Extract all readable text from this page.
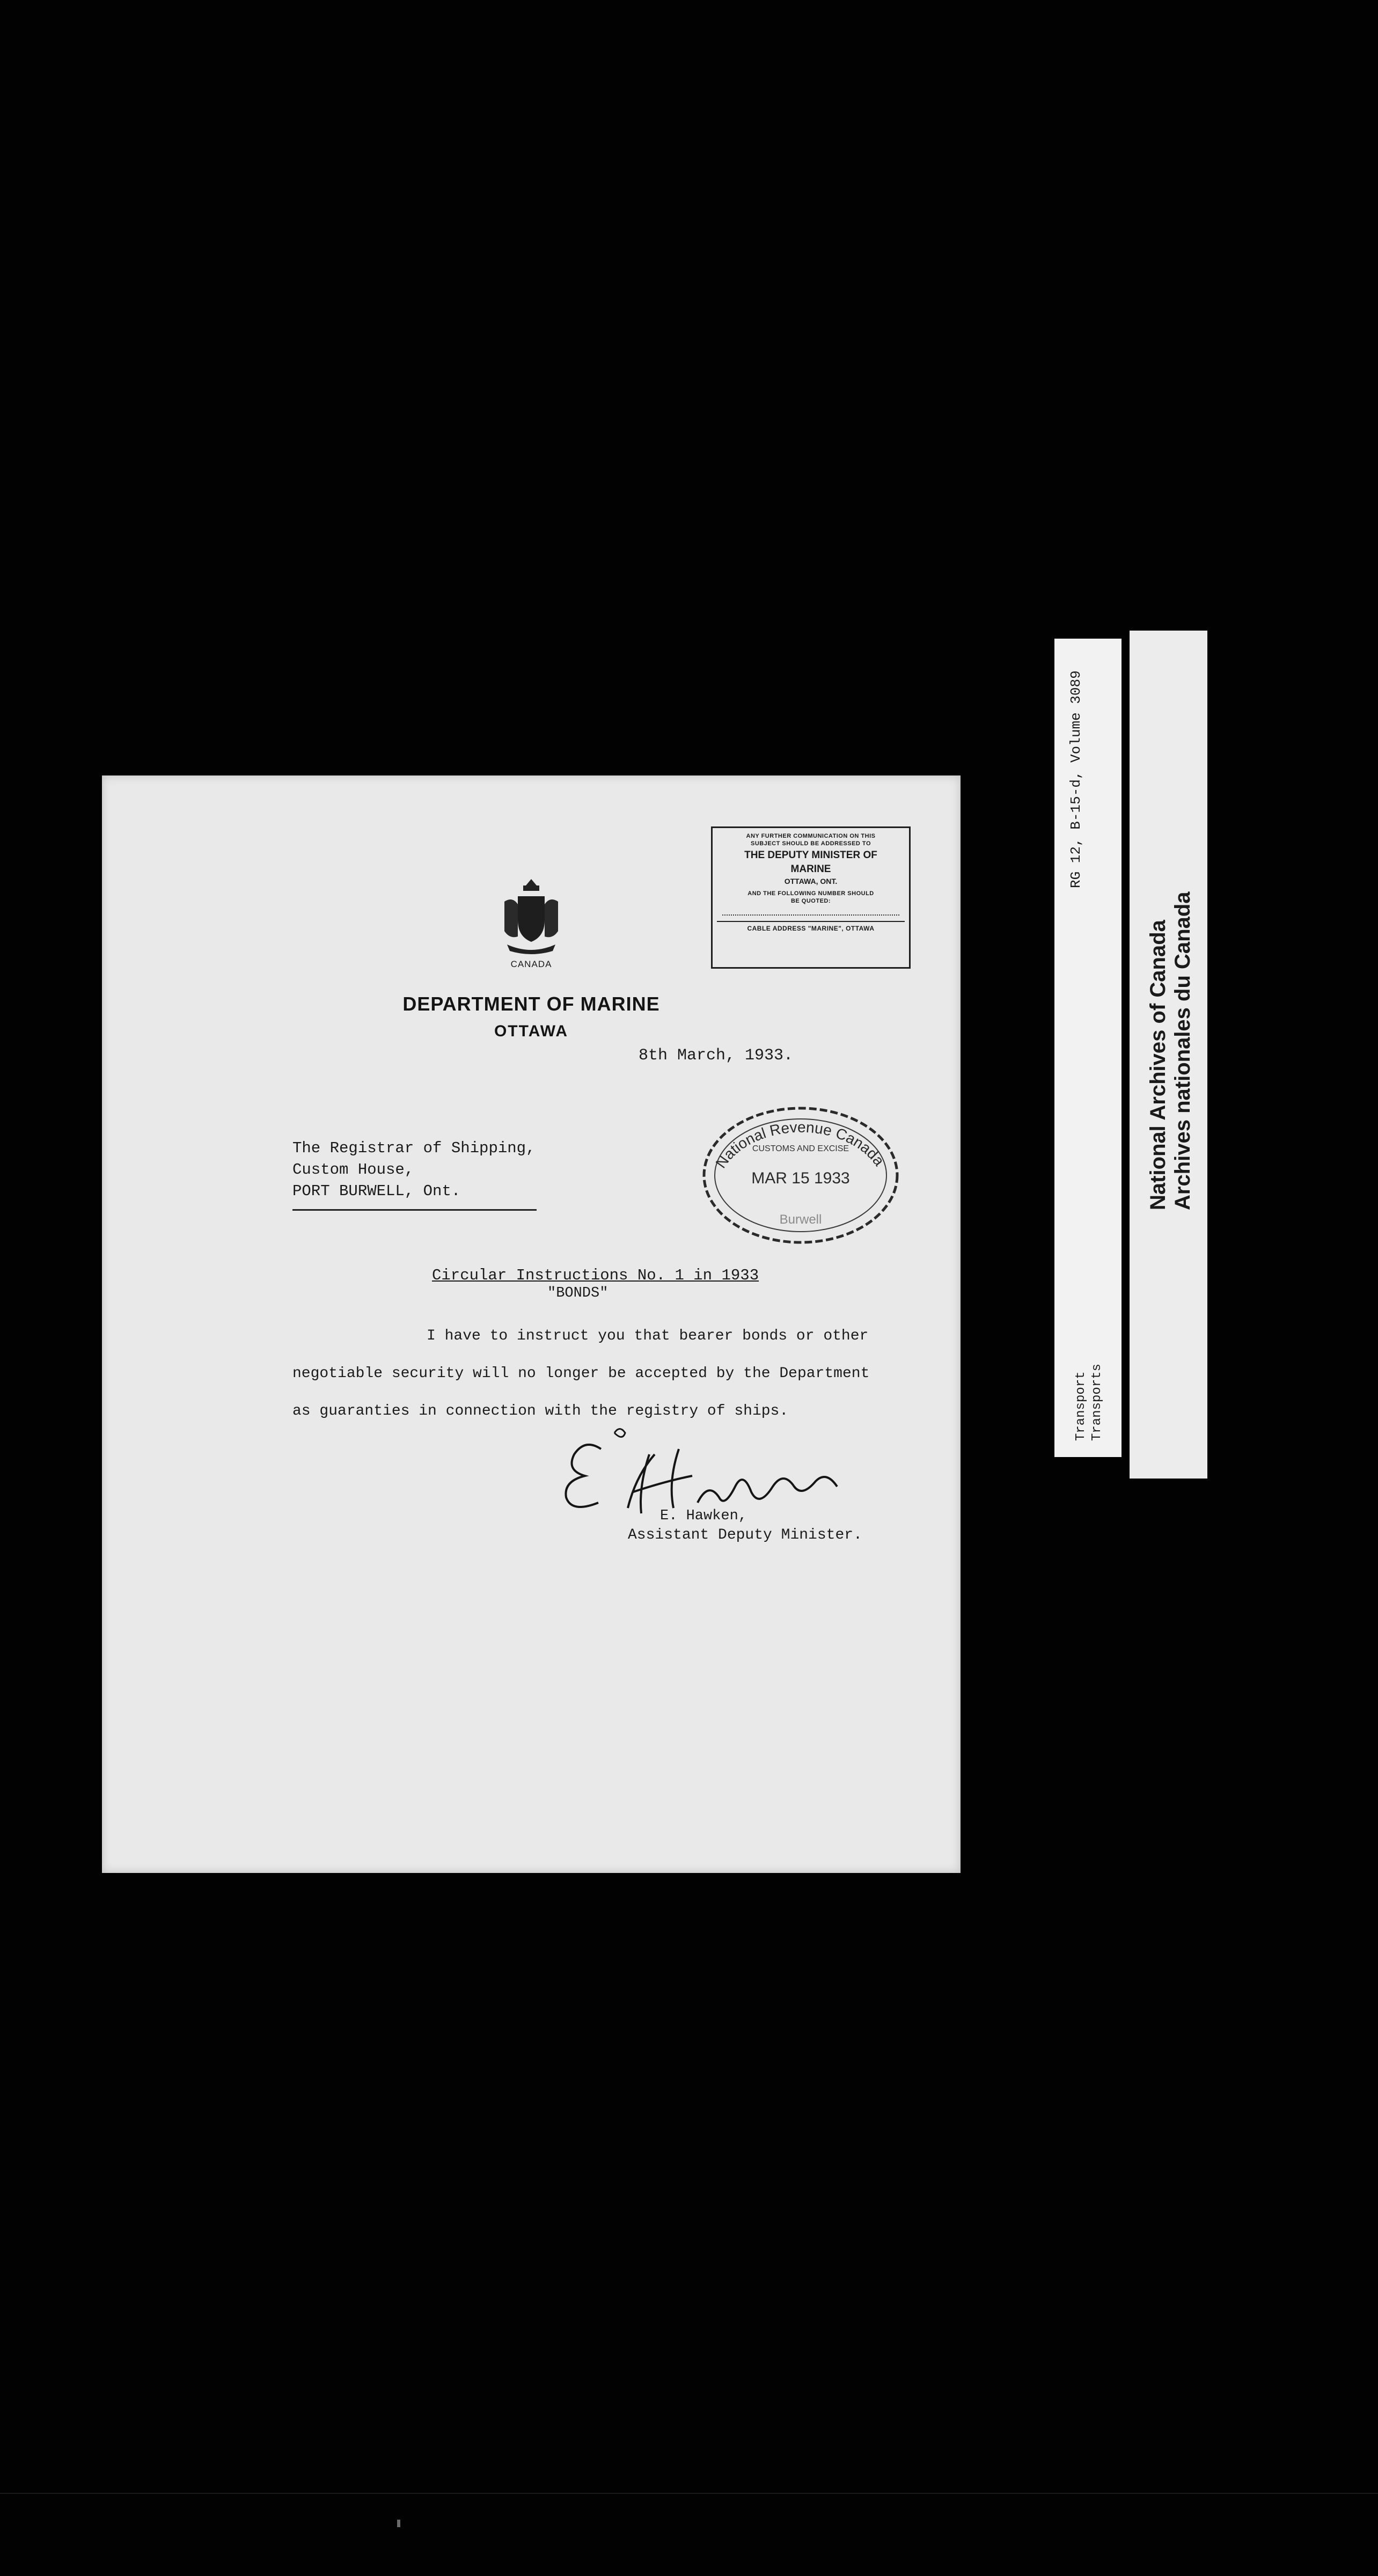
CANADA
DEPARTMENT OF MARINE
OTTAWA
ANY FURTHER COMMUNICATION ON THIS
SUBJECT SHOULD BE ADDRESSED TO
THE DEPUTY MINISTER OF
MARINE
OTTAWA, ONT.
AND THE FOLLOWING NUMBER SHOULD
BE QUOTED:
CABLE ADDRESS "MARINE", OTTAWA
8th March, 1933.
The Registrar of Shipping,
Custom House,
PORT BURWELL, Ont.
National Revenue Canada
CUSTOMS AND EXCISE
MAR 15 1933
Burwell
Circular Instructions No. 1 in 1933
"BONDS"
I have to instruct you that bearer bonds or other
negotiable security will no longer be accepted by the Department
as guaranties in connection with the registry of ships.
E. Hawken,
Assistant Deputy Minister.
RG 12, B-15-d, Volume 3089
Transport Transports
National Archives of Canada Archives nationales du Canada
